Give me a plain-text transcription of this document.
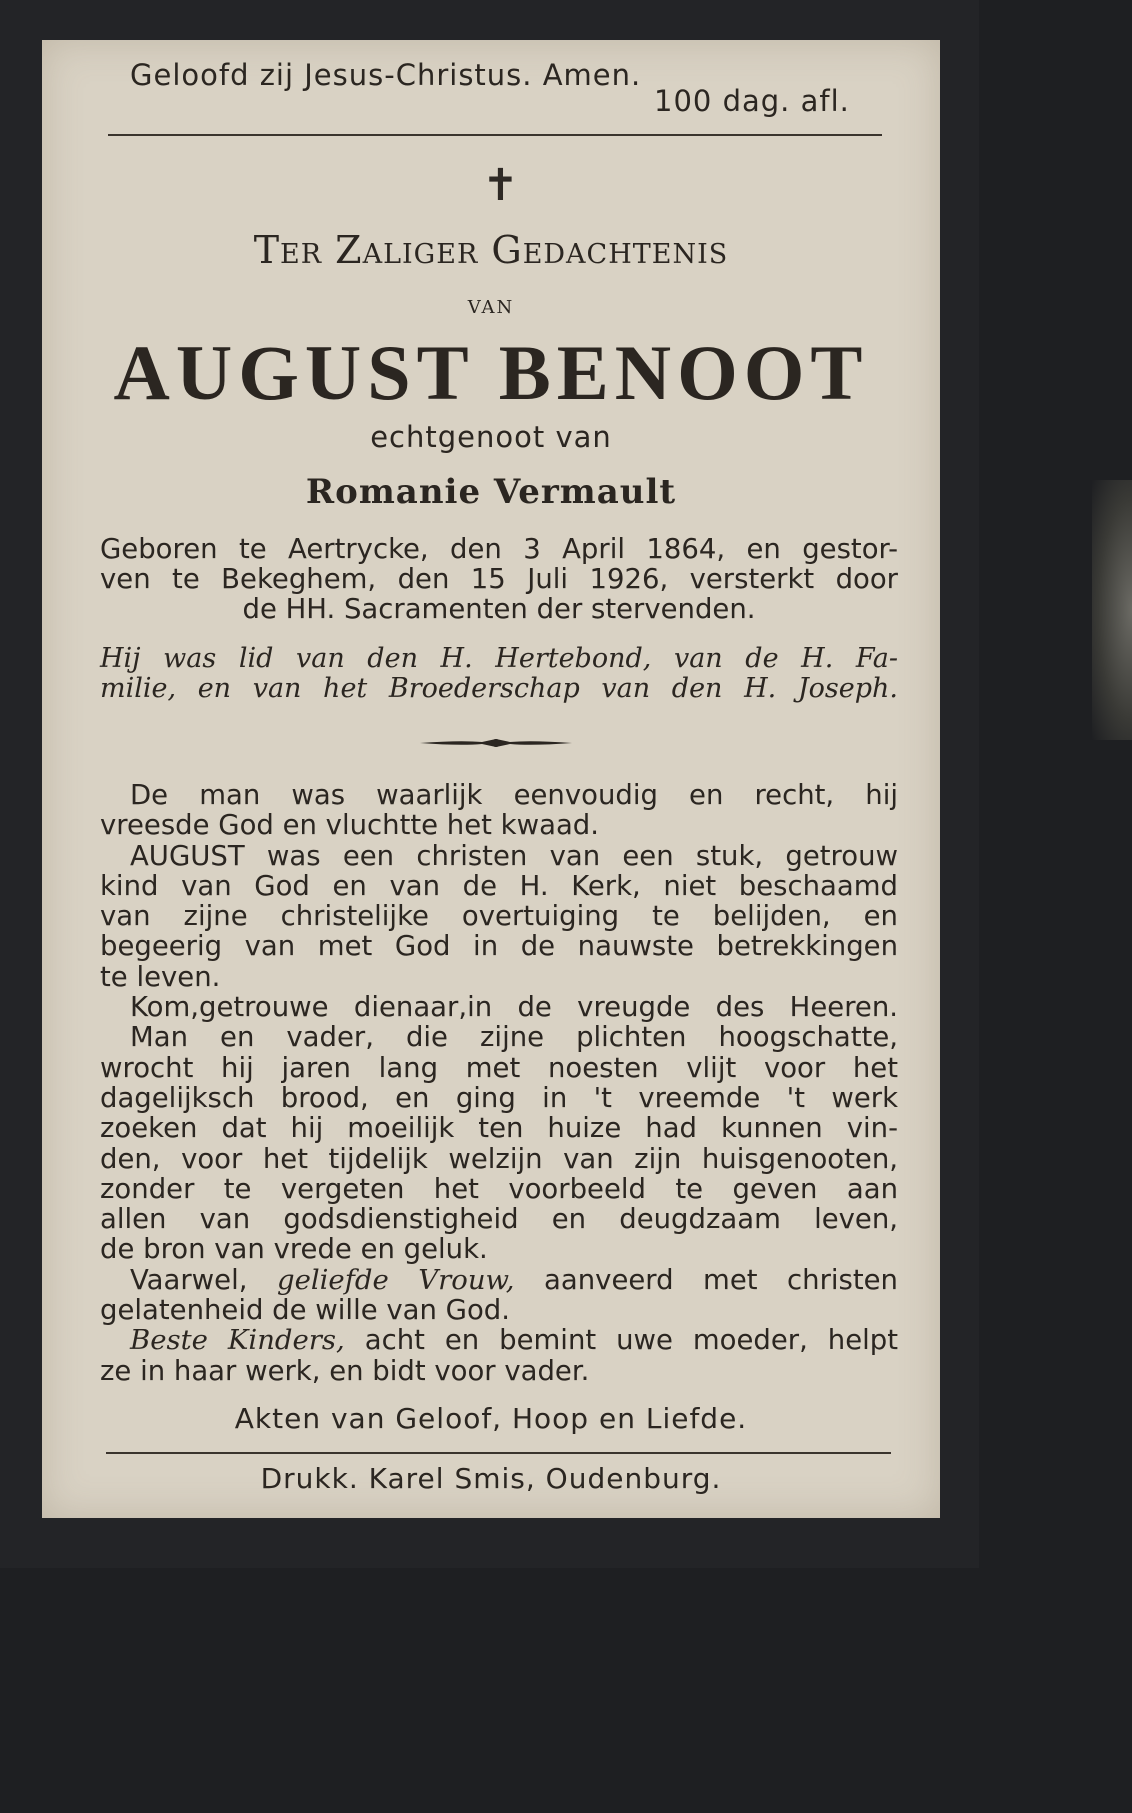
Geloofd zij Jesus-Christus. Amen.
100 dag. afl.
✝
Ter Zaliger Gedachtenis
van
AUGUST BENOOT
echtgenoot van
Romanie Vermault
Geboren te Aertrycke, den 3 April 1864, en gestor-
ven te Bekeghem, den 15 Juli 1926, versterkt door
de HH. Sacramenten der stervenden.
Hij was lid van den H. Hertebond, van de H. Fa-
milie, en van het Broederschap van den H. Joseph.
De man was waarlijk eenvoudig en recht, hij
vreesde God en vluchtte het kwaad.
AUGUST was een christen van een stuk, getrouw
kind van God en van de H. Kerk, niet beschaamd
van zijne christelijke overtuiging te belijden, en
begeerig van met God in de nauwste betrekkingen
te leven.
Kom,getrouwe dienaar,in de vreugde des Heeren.
Man en vader, die zijne plichten hoogschatte,
wrocht hij jaren lang met noesten vlijt voor het
dagelijksch brood, en ging in 't vreemde 't werk
zoeken dat hij moeilijk ten huize had kunnen vin-
den, voor het tijdelijk welzijn van zijn huisgenooten,
zonder te vergeten het voorbeeld te geven aan
allen van godsdienstigheid en deugdzaam leven,
de bron van vrede en geluk.
Vaarwel, geliefde Vrouw, aanveerd met christen
gelatenheid de wille van God.
Beste Kinders, acht en bemint uwe moeder, helpt
ze in haar werk, en bidt voor vader.
Akten van Geloof, Hoop en Liefde.
Drukk. Karel Smis, Oudenburg.
